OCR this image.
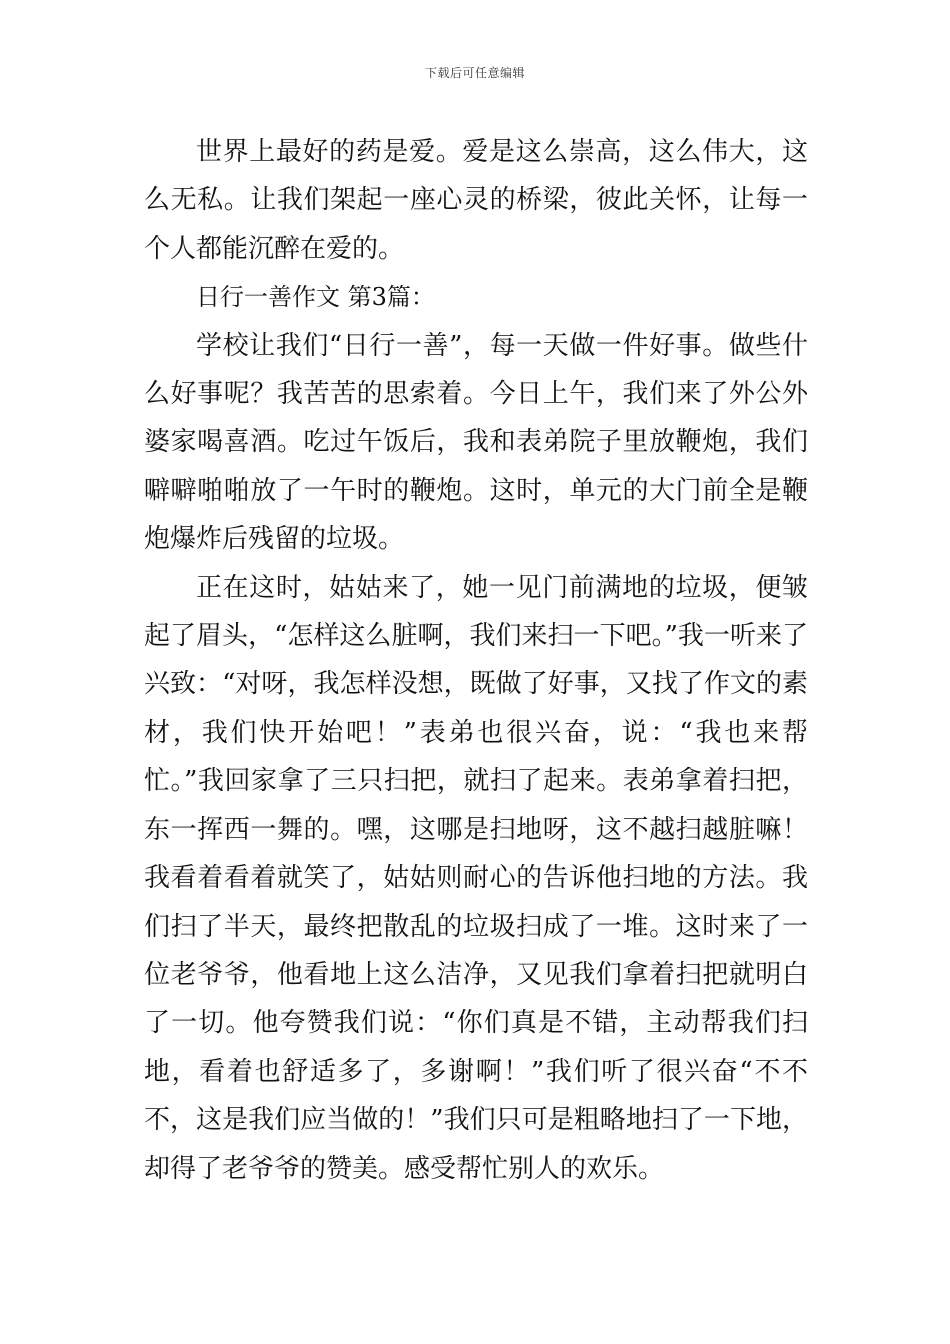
下载后可任意编辑

世界上最好的药是爱。爱是这么崇高，这么伟大，这么无私。让我们架起一座心灵的桥梁，彼此关怀，让每一个人都能沉醉在爱的。

日行一善作文 第3篇：

学校让我们“日行一善”，每一天做一件好事。做些什么好事呢？我苦苦的思索着。今日上午，我们来了外公外婆家喝喜酒。吃过午饭后，我和表弟院子里放鞭炮，我们噼噼啪啪放了一午时的鞭炮。这时，单元的大门前全是鞭炮爆炸后残留的垃圾。

正在这时，姑姑来了，她一见门前满地的垃圾，便皱起了眉头，“怎样这么脏啊，我们来扫一下吧。”我一听来了兴致：“对呀，我怎样没想，既做了好事，又找了作文的素材，我们快开始吧！”表弟也很兴奋，说：“我也来帮忙。”我回家拿了三只扫把，就扫了起来。表弟拿着扫把，东一挥西一舞的。嘿，这哪是扫地呀，这不越扫越脏嘛！我看着看着就笑了，姑姑则耐心的告诉他扫地的方法。我们扫了半天，最终把散乱的垃圾扫成了一堆。这时来了一位老爷爷，他看地上这么洁净，又见我们拿着扫把就明白了一切。他夸赞我们说：“你们真是不错，主动帮我们扫地，看着也舒适多了，多谢啊！”我们听了很兴奋“不不不，这是我们应当做的！”我们只可是粗略地扫了一下地，却得了老爷爷的赞美。感受帮忙别人的欢乐。
